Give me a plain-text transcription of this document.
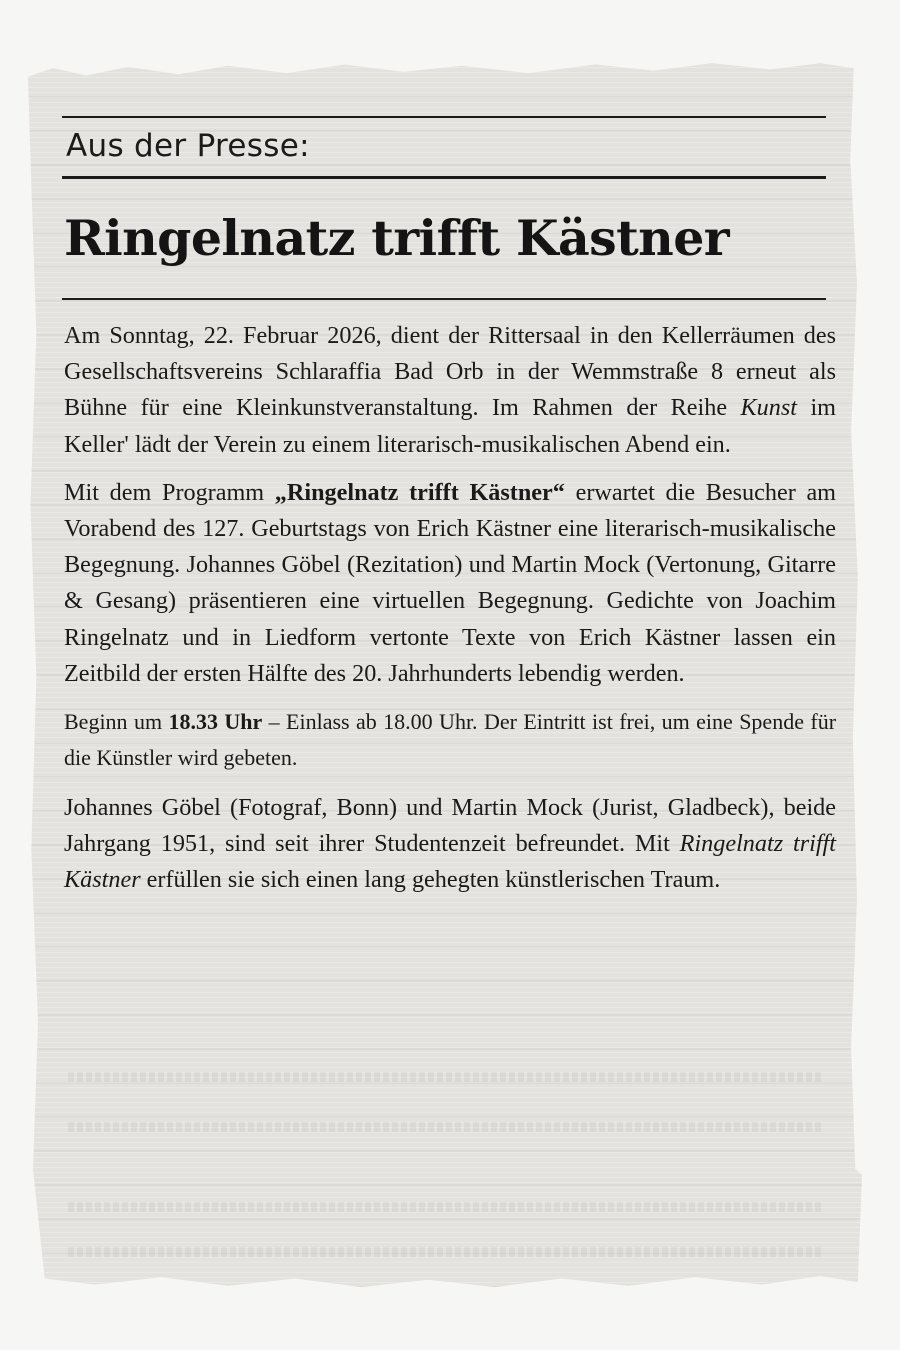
Aus der Presse:
Ringelnatz trifft Kästner

Am Sonntag, 22. Februar 2026, dient der Rittersaal in den Kellerräumen des Gesellschaftsvereins Schlaraffia Bad Orb in der Wemmstraße 8 erneut als Bühne für eine Kleinkunstveranstaltung. Im Rahmen der Reihe Kunst im Keller' lädt der Verein zu einem literarisch-musikalischen Abend ein.

Mit dem Programm „Ringelnatz trifft Kästner“ erwartet die Besucher am Vorabend des 127. Geburtstags von Erich Kästner eine literarisch-musikalische Begegnung. Johannes Göbel (Rezitation) und Martin Mock (Vertonung, Gitarre & Gesang) präsentieren eine virtuellen Begegnung. Gedichte von Joachim Ringelnatz und in Liedform vertonte Texte von Erich Kästner lassen ein Zeitbild der ersten Hälfte des 20. Jahrhunderts lebendig werden.

Beginn um 18.33 Uhr – Einlass ab 18.00 Uhr. Der Eintritt ist frei, um eine Spende für die Künstler wird gebeten.

Johannes Göbel (Fotograf, Bonn) und Martin Mock (Jurist, Gladbeck), beide Jahrgang 1951, sind seit ihrer Studentenzeit befreundet. Mit Ringelnatz trifft Kästner erfüllen sie sich einen lang gehegten künstlerischen Traum.
